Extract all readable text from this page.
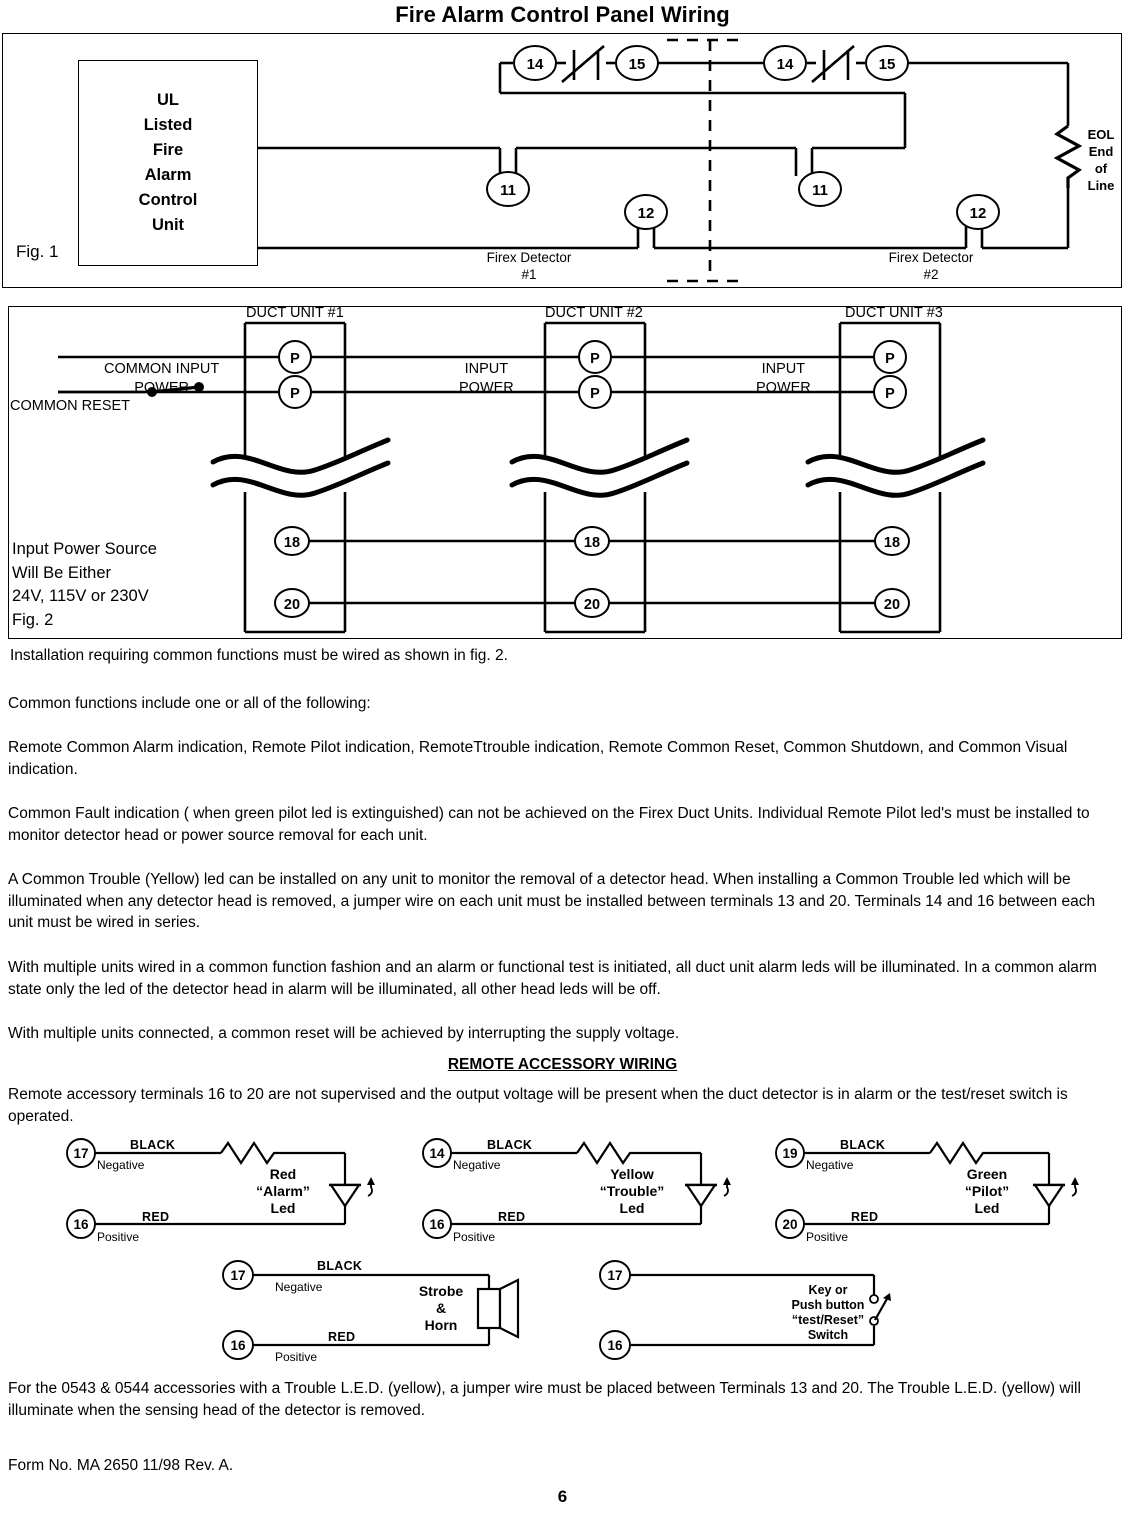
Fire Alarm Control Panel Wiring
14	15	14	15
11	11
12	12
UL
Listed
Fire
Alarm
Control
Unit
Fig. 1
EOL
End
of
Line
Firex Detector
#1
Firex Detector
#2
P
P
P
P
P
P
18
20
18
20
18
20
DUCT UNIT #1	DUCT UNIT #2	DUCT UNIT #3
COMMON INPUT
POWER
INPUT
POWER
INPUT
POWER
COMMON RESET
Input Power Source
Will Be Either
24V, 115V or 230V
Fig. 2
Installation requiring common functions must be wired as shown in fig. 2.
Common functions include one or all of the following:
Remote Common Alarm indication, Remote Pilot indication, RemoteTtrouble indication, Remote Common Reset, Common Shutdown, and Common Visual indication.
Common Fault indication ( when green pilot led is extinguished) can not be achieved on the Firex Duct Units. Individual Remote Pilot led's must be installed to monitor detector head or power source removal for each unit.
A Common Trouble (Yellow) led can be installed on any unit to monitor the removal of a detector head. When installing a Common Trouble led which will be illuminated when any detector head is removed, a jumper wire on each unit must be installed between terminals 13 and 20. Terminals 14 and 16 between each unit must be wired in series.
With multiple units wired in a common function fashion and an alarm or functional test is initiated, all duct unit alarm leds will be illuminated. In a common alarm state only the led of the detector head in alarm will be illuminated, all other head leds will be off.
With multiple units connected, a common reset will be achieved by interrupting the supply voltage.
REMOTE ACCESSORY WIRING
Remote accessory terminals 16 to 20 are not supervised and the output voltage will be present when the duct detector is in alarm or the test/reset switch is operated.
17
16
14
16
19
20
17
16
17
16
BLACK
Negative
RED
Positive
Red
“Alarm”
Led
BLACK
Negative
RED
Positive
Yellow
“Trouble”
Led
BLACK
Negative
RED
Positive
Green
“Pilot”
Led
BLACK
Negative
RED
Positive
Strobe
&
Horn
Key or
Push button
“test/Reset”
Switch
For the 0543 & 0544 accessories with a Trouble L.E.D. (yellow), a jumper wire must be placed between Terminals 13 and 20. The Trouble L.E.D. (yellow) will illuminate when the sensing head of the detector is removed.
Form No. MA 2650 11/98 Rev. A.
6
